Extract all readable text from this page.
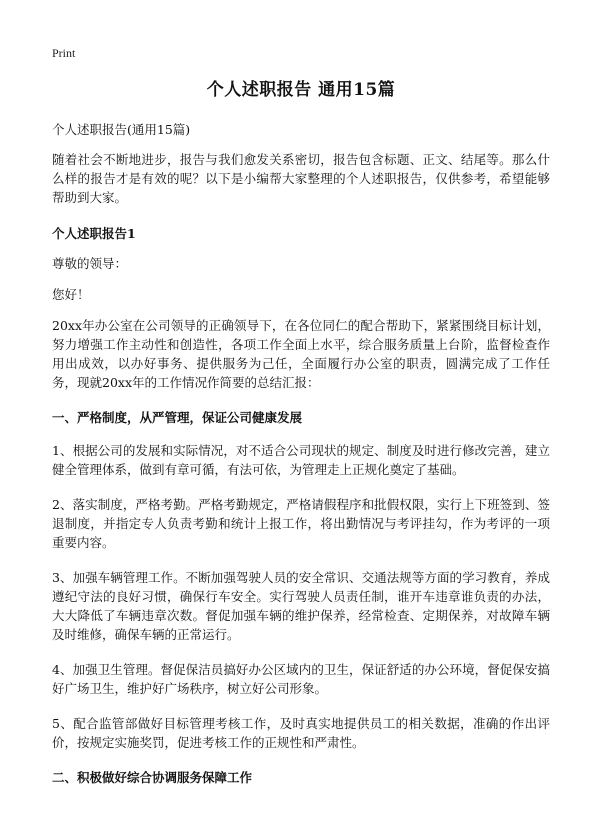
Print
个人述职报告 通用15篇

个人述职报告(通用15篇)

随着社会不断地进步，报告与我们愈发关系密切，报告包含标题、正文、结尾等。那么什么样的报告才是有效的呢？以下是小编帮大家整理的个人述职报告，仅供参考，希望能够帮助到大家。

个人述职报告1

尊敬的领导：

您好！

20xx年办公室在公司领导的正确领导下，在各位同仁的配合帮助下，紧紧围绕目标计划，努力增强工作主动性和创造性，各项工作全面上水平，综合服务质量上台阶，监督检查作用出成效，以办好事务、提供服务为己任，全面履行办公室的职责，圆满完成了工作任务，现就20xx年的工作情况作简要的总结汇报：

一、严格制度，从严管理，保证公司健康发展

1、根据公司的发展和实际情况，对不适合公司现状的规定、制度及时进行修改完善，建立健全管理体系，做到有章可循，有法可依，为管理走上正规化奠定了基础。

2、落实制度，严格考勤。严格考勤规定，严格请假程序和批假权限，实行上下班签到、签退制度，并指定专人负责考勤和统计上报工作，将出勤情况与考评挂勾，作为考评的一项重要内容。

3、加强车辆管理工作。不断加强驾驶人员的安全常识、交通法规等方面的学习教育，养成遵纪守法的良好习惯，确保行车安全。实行驾驶人员责任制，谁开车违章谁负责的办法，大大降低了车辆违章次数。督促加强车辆的维护保养，经常检查、定期保养，对故障车辆及时维修，确保车辆的正常运行。

4、加强卫生管理。督促保洁员搞好办公区域内的卫生，保证舒适的办公环境，督促保安搞好广场卫生，维护好广场秩序，树立好公司形象。

5、配合监管部做好目标管理考核工作，及时真实地提供员工的相关数据，准确的作出评价，按规定实施奖罚，促进考核工作的正规性和严肃性。

二、积极做好综合协调服务保障工作
